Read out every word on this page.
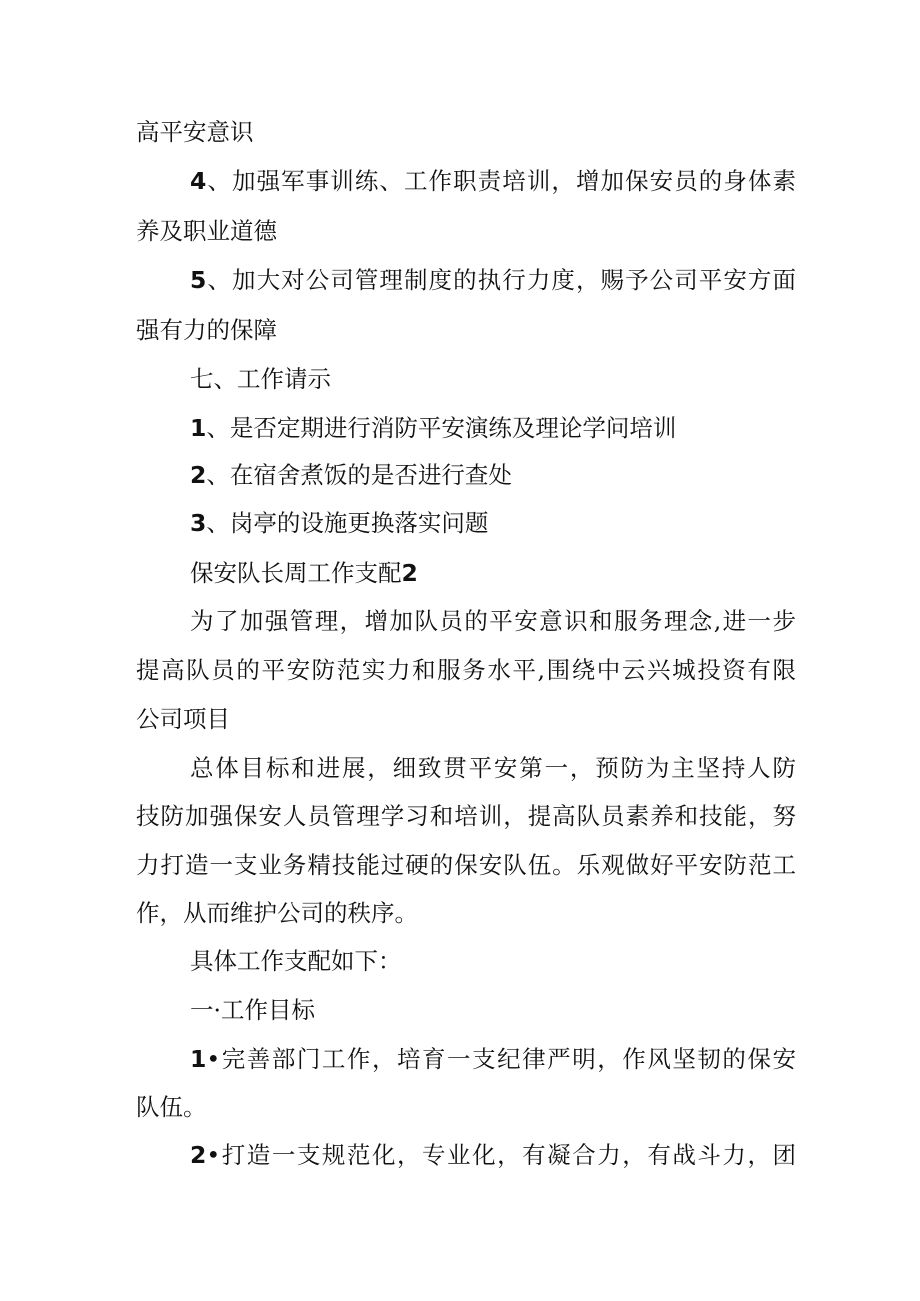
高平安意识
4、加强军事训练、工作职责培训，增加保安员的身体素
养及职业道德
5、加大对公司管理制度的执行力度，赐予公司平安方面
强有力的保障
七、工作请示
1、是否定期进行消防平安演练及理论学问培训
2、在宿舍煮饭的是否进行查处
3、岗亭的设施更换落实问题
保安队长周工作支配2
为了加强管理，增加队员的平安意识和服务理念,进一步
提高队员的平安防范实力和服务水平,围绕中云兴城投资有限
公司项目
总体目标和进展，细致贯平安第一，预防为主坚持人防
技防加强保安人员管理学习和培训，提高队员素养和技能，努
力打造一支业务精技能过硬的保安队伍。乐观做好平安防范工
作，从而维护公司的秩序。
具体工作支配如下：
一·工作目标
1•完善部门工作，培育一支纪律严明，作风坚韧的保安
队伍。
2•打造一支规范化，专业化，有凝合力，有战斗力，团
